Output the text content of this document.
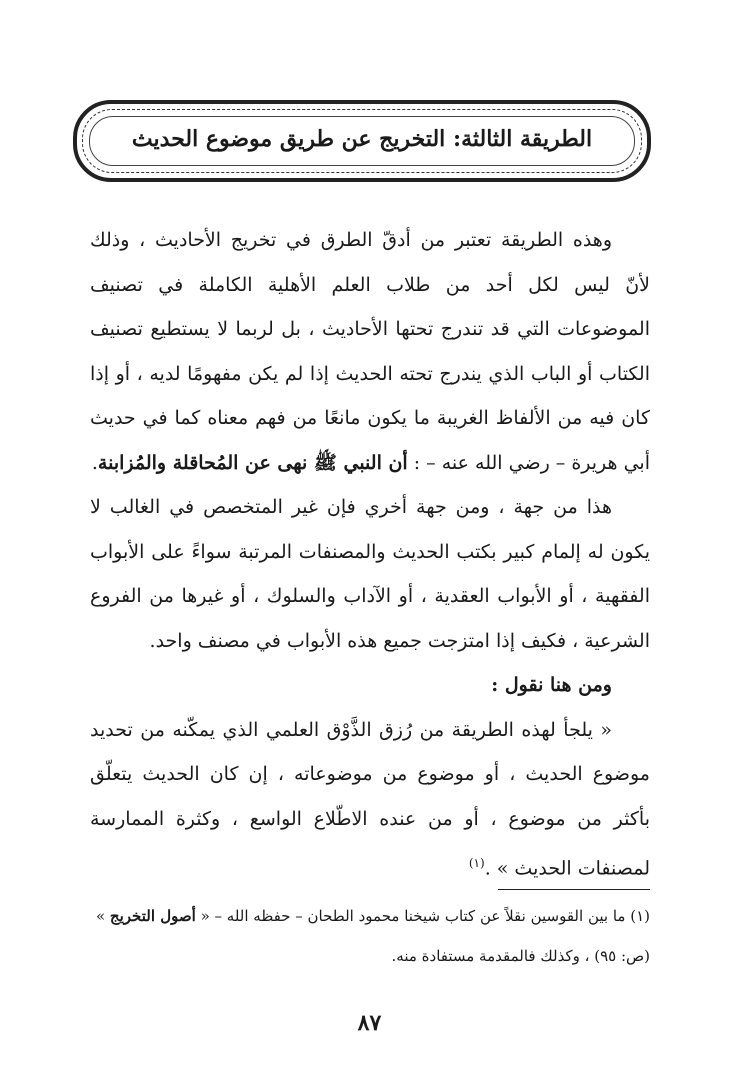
الطريقة الثالثة: التخريج عن طريق موضوع الحديث
وهذه الطريقة تعتبر من أدقّ الطرق في تخريج الأحاديث ، وذلك
لأنّ ليس لكل أحد من طلاب العلم الأهلية الكاملة في تصنيف
الموضوعات التي قد تندرج تحتها الأحاديث ، بل لربما لا يستطيع تصنيف
الكتاب أو الباب الذي يندرج تحته الحديث إذا لم يكن مفهومًا لديه ، أو إذا
كان فيه من الألفاظ الغريبة ما يكون مانعًا من فهم معناه كما في حديث
أبي هريرة – رضي الله عنه – : أن النبي ﷺ نهى عن المُحاقلة والمُزابنة.
هذا من جهة ، ومن جهة أخري فإن غير المتخصص في الغالب لا
يكون له إلمام كبير بكتب الحديث والمصنفات المرتبة سواءً على الأبواب
الفقهية ، أو الأبواب العقدية ، أو الآداب والسلوك ، أو غيرها من الفروع
الشرعية ، فكيف إذا امتزجت جميع هذه الأبواب في مصنف واحد.
ومن هنا نقول :
« يلجأ لهذه الطريقة من رُزق الذَّوْق العلمي الذي يمكّنه من تحديد
موضوع الحديث ، أو موضوع من موضوعاته ، إن كان الحديث يتعلّق
بأكثر من موضوع ، أو من عنده الاطّلاع الواسع ، وكثرة الممارسة
لمصنفات الحديث » .$^{(١)}$
(١) ما بين القوسين نقلاً عن كتاب شيخنا محمود الطحان – حفظه الله – « أصول التخريج » (ص: ٩٥) ، وكذلك فالمقدمة مستفادة منه.
٨٧
